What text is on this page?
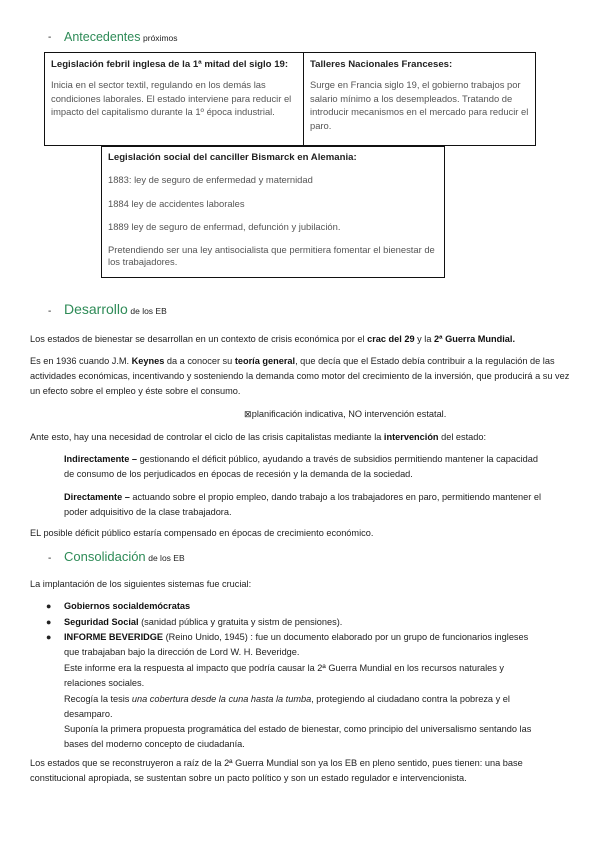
- Antecedentes próximos
Legislación febril inglesa de la 1ª mitad del siglo 19:
Inicia en el sector textil, regulando en los demás las condiciones laborales. El estado interviene para reducir el impacto del capitalismo durante la 1º época industrial.
Talleres Nacionales Franceses:
Surge en Francia siglo 19, el gobierno trabajos por salario mínimo a los desempleados. Tratando de introducir mecanismos en el mercado para reducir el paro.
Legislación social del canciller Bismarck en Alemania:
1883: ley de seguro de enfermedad y maternidad
1884 ley de accidentes laborales
1889 ley de seguro de enfermad, defunción y jubilación.
Pretendiendo ser una ley antisocialista que permitiera fomentar el bienestar de los trabajadores.
- Desarrollo de los EB

Los estados de bienestar se desarrollan en un contexto de crisis económica por el crac del 29 y la 2ª Guerra Mundial.

Es en 1936 cuando J.M. Keynes da a conocer su teoría general, que decía que el Estado debía contribuir a la regulación de las actividades económicas, incentivando y sosteniendo la demanda como motor del crecimiento de la inversión, que producirá a su vez un efecto sobre el empleo y éste sobre el consumo.

⊠planificación indicativa, NO intervención estatal.

Ante esto, hay una necesidad de controlar el ciclo de las crisis capitalistas mediante la intervención del estado:

Indirectamente – gestionando el déficit público, ayudando a través de subsidios permitiendo mantener la capacidad de consumo de los perjudicados en épocas de recesión y la demanda de la sociedad.

Directamente – actuando sobre el propio empleo, dando trabajo a los trabajadores en paro, permitiendo mantener el poder adquisitivo de la clase trabajadora.

EL posible déficit público estaría compensado en épocas de crecimiento económico.

- Consolidación de los EB

La implantación de los siguientes sistemas fue crucial:

● Gobiernos socialdemócratas
● Seguridad Social (sanidad pública y gratuita y sistm de pensiones).
● INFORME BEVERIDGE (Reino Unido, 1945) : fue un documento elaborado por un grupo de funcionarios ingleses que trabajaban bajo la dirección de Lord W. H. Beveridge.
Este informe era la respuesta al impacto que podría causar la 2ª Guerra Mundial en los recursos naturales y relaciones sociales.
Recogía la tesis una cobertura desde la cuna hasta la tumba, protegiendo al ciudadano contra la pobreza y el desamparo.
Suponía la primera propuesta programática del estado de bienestar, como principio del universalismo sentando las bases del moderno concepto de ciudadanía.

Los estados que se reconstruyeron a raíz de la 2ª Guerra Mundial son ya los EB en pleno sentido, pues tienen: una base constitucional apropiada, se sustentan sobre un pacto político y son un estado regulador e intervencionista.
